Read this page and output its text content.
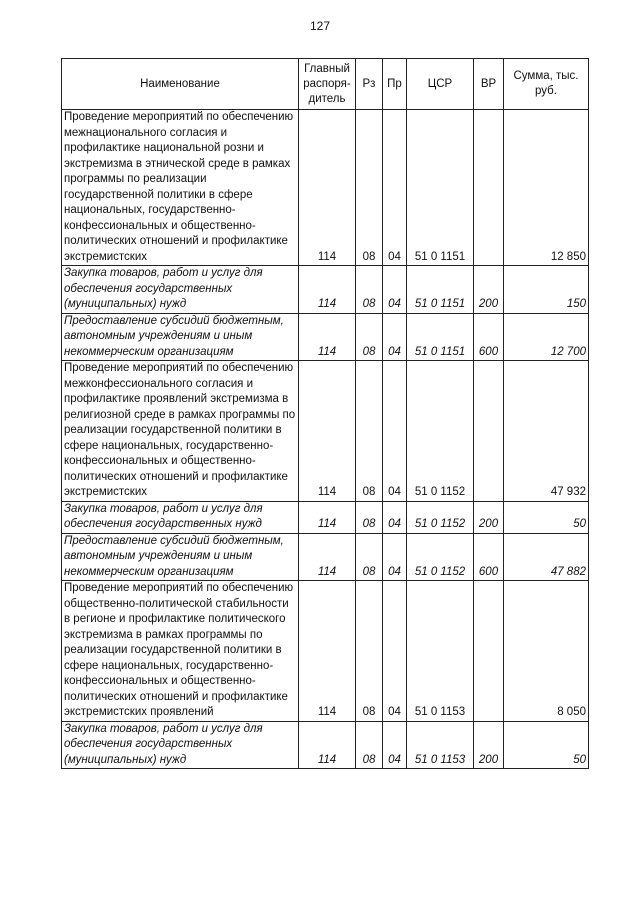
127
Наименование	Главный распоря-дитель	Рз	Пр	ЦСР	ВР	Сумма, тыс. руб.
Проведение мероприятий по обеспечению межнационального согласия и профилактике национальной розни и экстремизма в этнической среде в рамках программы по реализации государственной политики в сфере национальных, государственно-конфессиональных и общественно-политических отношений и профилактике экстремистских	114	08	04	51 0 1151		12 850
Закупка товаров, работ и услуг для обеспечения государственных (муниципальных) нужд	114	08	04	51 0 1151	200	150
Предоставление субсидий бюджетным, автономным учреждениям и иным некоммерческим организациям	114	08	04	51 0 1151	600	12 700
Проведение мероприятий по обеспечению межконфессионального согласия и профилактике проявлений экстремизма в религиозной среде в рамках программы по реализации государственной политики в сфере национальных, государственно-конфессиональных и общественно-политических отношений и профилактике экстремистских	114	08	04	51 0 1152		47 932
Закупка товаров, работ и услуг для обеспечения государственных нужд	114	08	04	51 0 1152	200	50
Предоставление субсидий бюджетным, автономным учреждениям и иным некоммерческим организациям	114	08	04	51 0 1152	600	47 882
Проведение мероприятий по обеспечению общественно-политической стабильности в регионе и профилактике политического экстремизма в рамках программы по реализации государственной политики в сфере национальных, государственно-конфессиональных и общественно-политических отношений и профилактике экстремистских проявлений	114	08	04	51 0 1153		8 050
Закупка товаров, работ и услуг для обеспечения государственных (муниципальных) нужд	114	08	04	51 0 1153	200	50
